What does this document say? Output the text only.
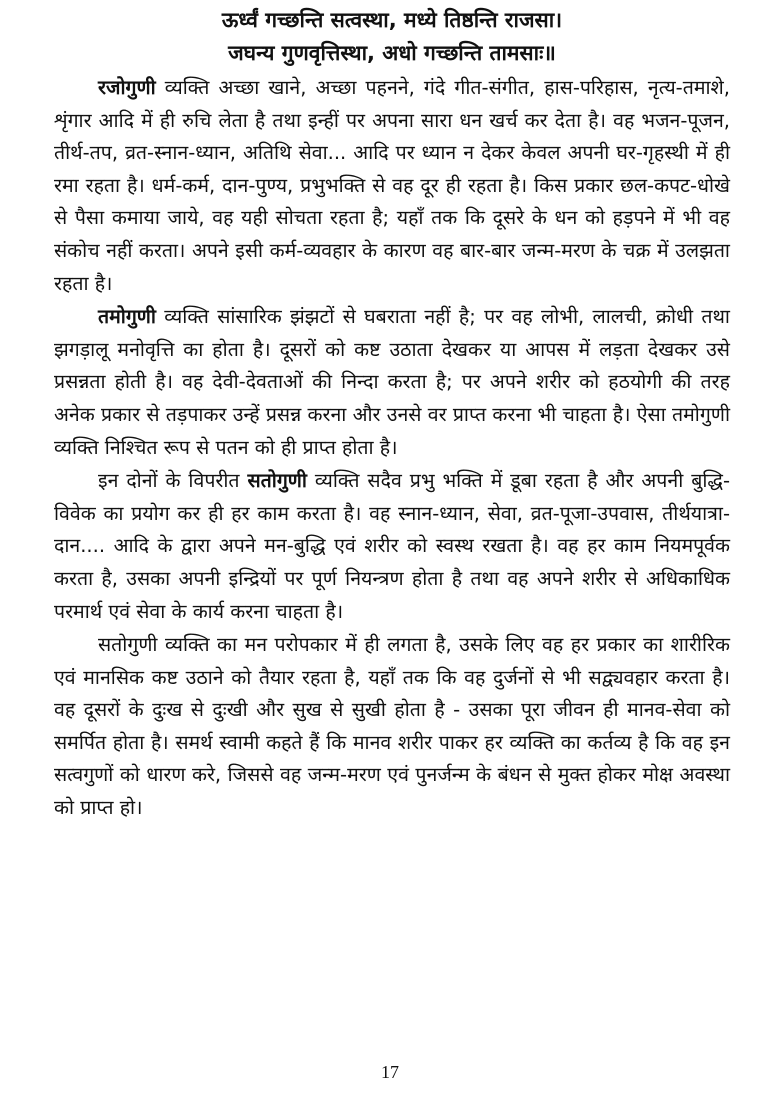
ऊर्ध्वं गच्छन्ति सत्वस्था, मध्ये तिष्ठन्ति राजसा।

जघन्य गुणवृत्तिस्था, अधो गच्छन्ति तामसाः॥

रजोगुणी व्यक्ति अच्छा खाने, अच्छा पहनने, गंदे गीत-संगीत, हास-परिहास, नृत्य-तमाशे, शृंगार आदि में ही रुचि लेता है तथा इन्हीं पर अपना सारा धन खर्च कर देता है। वह भजन-पूजन, तीर्थ-तप, व्रत-स्नान-ध्यान, अतिथि सेवा... आदि पर ध्यान न देकर केवल अपनी घर-गृहस्थी में ही रमा रहता है। धर्म-कर्म, दान-पुण्य, प्रभुभक्ति से वह दूर ही रहता है। किस प्रकार छल-कपट-धोखे से पैसा कमाया जाये, वह यही सोचता रहता है; यहाँ तक कि दूसरे के धन को हड़पने में भी वह संकोच नहीं करता। अपने इसी कर्म-व्यवहार के कारण वह बार-बार जन्म-मरण के चक्र में उलझता रहता है।

तमोगुणी व्यक्ति सांसारिक झंझटों से घबराता नहीं है; पर वह लोभी, लालची, क्रोधी तथा झगड़ालू मनोवृत्ति का होता है। दूसरों को कष्ट उठाता देखकर या आपस में लड़ता देखकर उसे प्रसन्नता होती है। वह देवी-देवताओं की निन्दा करता है; पर अपने शरीर को हठयोगी की तरह अनेक प्रकार से तड़पाकर उन्हें प्रसन्न करना और उनसे वर प्राप्त करना भी चाहता है। ऐसा तमोगुणी व्यक्ति निश्चित रूप से पतन को ही प्राप्त होता है।

इन दोनों के विपरीत सतोगुणी व्यक्ति सदैव प्रभु भक्ति में डूबा रहता है और अपनी बुद्धि-विवेक का प्रयोग कर ही हर काम करता है। वह स्नान-ध्यान, सेवा, व्रत-पूजा-उपवास, तीर्थयात्रा-दान.... आदि के द्वारा अपने मन-बुद्धि एवं शरीर को स्वस्थ रखता है। वह हर काम नियमपूर्वक करता है, उसका अपनी इन्द्रियों पर पूर्ण नियन्त्रण होता है तथा वह अपने शरीर से अधिकाधिक परमार्थ एवं सेवा के कार्य करना चाहता है।

सतोगुणी व्यक्ति का मन परोपकार में ही लगता है, उसके लिए वह हर प्रकार का शारीरिक एवं मानसिक कष्ट उठाने को तैयार रहता है, यहाँ तक कि वह दुर्जनों से भी सद्व्यवहार करता है। वह दूसरों के दुःख से दुःखी और सुख से सुखी होता है - उसका पूरा जीवन ही मानव-सेवा को समर्पित होता है। समर्थ स्वामी कहते हैं कि मानव शरीर पाकर हर व्यक्ति का कर्तव्य है कि वह इन सत्वगुणों को धारण करे, जिससे वह जन्म-मरण एवं पुनर्जन्म के बंधन से मुक्त होकर मोक्ष अवस्था को प्राप्त हो।

17
